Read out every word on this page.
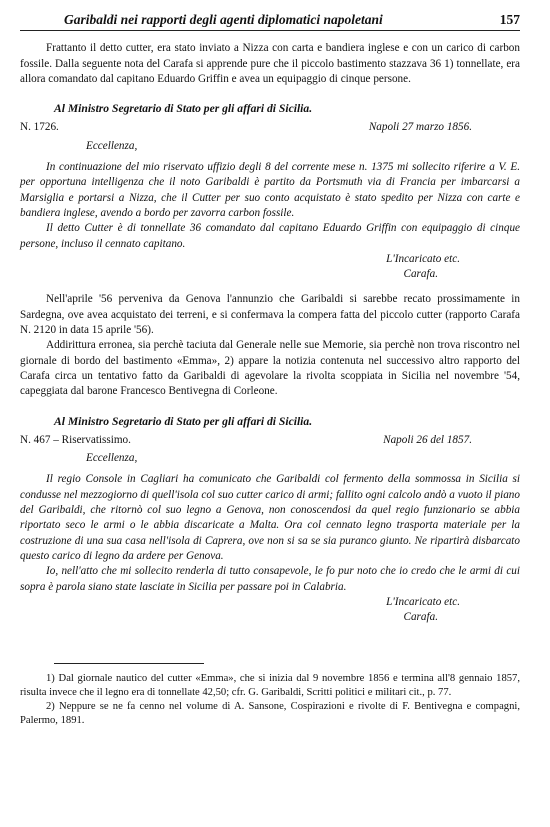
Garibaldi nei rapporti degli agenti diplomatici napoletani	157

Frattanto il detto cutter, era stato inviato a Nizza con carta e bandiera inglese e con un carico di carbon fossile. Dalla seguente nota del Carafa si apprende pure che il piccolo bastimento stazzava 36 1) tonnellate, era allora comandato dal capitano Eduardo Griffin e avea un equipaggio di cinque persone.

Al Ministro Segretario di Stato per gli affari di Sicilia.
N. 1726.	Napoli 27 marzo 1856.
Eccellenza,

In continuazione del mio riservato uffizio degli 8 del corrente mese n. 1375 mi sollecito riferire a V. E. per opportuna intelligenza che il noto Garibaldi è partito da Portsmuth via di Francia per imbarcarsi a Marsiglia e portarsi a Nizza, che il Cutter per suo conto acquistato è stato spedito per Nizza con carte e bandiera inglese, avendo a bordo per zavorra carbon fossile.

Il detto Cutter è di tonnellate 36 comandato dal capitano Eduardo Griffin con equipaggio di cinque persone, incluso il cennato capitano.

L'Incaricato etc.
Carafa.

Nell'aprile '56 perveniva da Genova l'annunzio che Garibaldi si sarebbe recato prossimamente in Sardegna, ove avea acquistato dei terreni, e si confermava la compera fatta del piccolo cutter (rapporto Carafa N. 2120 in data 15 aprile '56).

Addirittura erronea, sia perchè taciuta dal Generale nelle sue Memorie, sia perchè non trova riscontro nel giornale di bordo del bastimento «Emma», 2) appare la notizia contenuta nel successivo altro rapporto del Carafa circa un tentativo fatto da Garibaldi di agevolare la rivolta scoppiata in Sicilia nel novembre '54, capeggiata dal barone Francesco Bentivegna di Corleone.

Al Ministro Segretario di Stato per gli affari di Sicilia.
N. 467 – Riservatissimo.	Napoli 26 del 1857.
Eccellenza,

Il regio Console in Cagliari ha comunicato che Garibaldi col fermento della sommossa in Sicilia si condusse nel mezzogiorno di quell'isola col suo cutter carico di armi; fallito ogni calcolo andò a vuoto il piano del Garibaldi, che ritornò col suo legno a Genova, non conoscendosi da quel regio funzionario se abbia riportato seco le armi o le abbia discaricate a Malta. Ora col cennato legno trasporta materiale per la costruzione di una sua casa nell'isola di Caprera, ove non si sa se sia puranco giunto. Ne ripartirà disbarcato questo carico di legno da ardere per Genova.

Io, nell'atto che mi sollecito renderla di tutto consapevole, le fo pur noto che io credo che le armi di cui sopra è parola siano state lasciate in Sicilia per passare poi in Calabria.

L'Incaricato etc.
Carafa.

1) Dal giornale nautico del cutter «Emma», che si inizia dal 9 novembre 1856 e termina all'8 gennaio 1857, risulta invece che il legno era di tonnellate 42,50; cfr. G. Garibaldi, Scritti politici e militari cit., p. 77.

2) Neppure se ne fa cenno nel volume di A. Sansone, Cospirazioni e rivolte di F. Bentivegna e compagni, Palermo, 1891.
